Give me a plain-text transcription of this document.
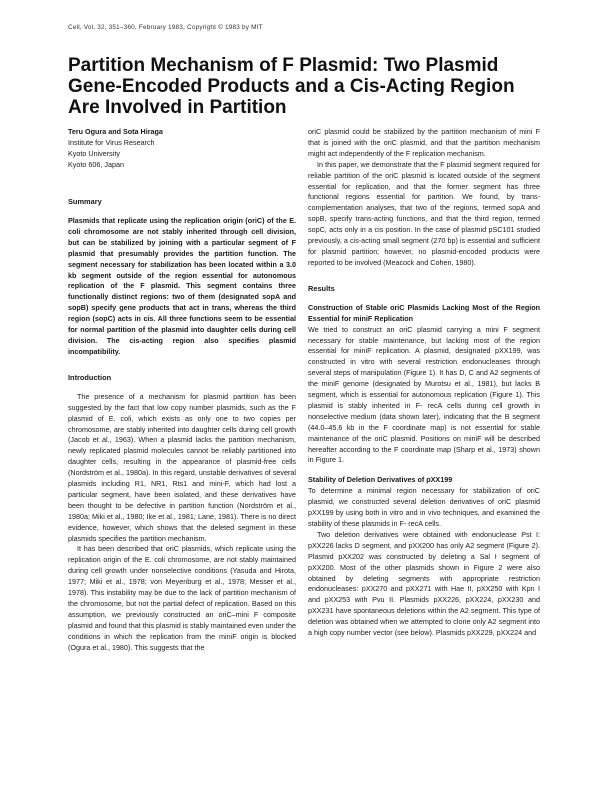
Cell, Vol. 32, 351–360, February 1983, Copyright © 1983 by MIT
Partition Mechanism of F Plasmid: Two Plasmid Gene-Encoded Products and a Cis-Acting Region Are Involved in Partition
Teru Ogura and Sota Hiraga
Institute for Virus Research
Kyoto University
Kyoto 606, Japan
Summary

Plasmids that replicate using the replication origin (oriC) of the E. coli chromosome are not stably inherited through cell division, but can be stabilized by joining with a particular segment of F plasmid that presumably provides the partition function. The segment necessary for stabilization has been located within a 3.0 kb segment outside of the region essential for autonomous replication of the F plasmid. This segment contains three functionally distinct regions: two of them (designated sopA and sopB) specify gene products that act in trans, whereas the third region (sopC) acts in cis. All three functions seem to be essential for normal partition of the plasmid into daughter cells during cell division. The cis-acting region also specifies plasmid incompatibility.

Introduction

The presence of a mechanism for plasmid partition has been suggested by the fact that low copy number plasmids, such as the F plasmid of E. coli, which exists as only one to two copies per chromosome, are stably inherited into daughter cells during cell growth (Jacob et al., 1963). When a plasmid lacks the partition mechanism, newly replicated plasmid molecules cannot be reliably partitioned into daughter cells, resulting in the appearance of plasmid-free cells (Nordström et al., 1980a). In this regard, unstable derivatives of several plasmids including R1, NR1, Rts1 and mini-F, which had lost a particular segment, have been isolated, and these derivatives have been thought to be defective in partition function (Nordström et al., 1980a; Miki et al., 1980; Ike et al., 1981; Lane, 1981). There is no direct evidence, however, which shows that the deleted segment in these plasmids specifies the partition mechanism.

It has been described that oriC plasmids, which replicate using the replication origin of the E. coli chromosome, are not stably maintained during cell growth under nonselective conditions (Yasuda and Hirota, 1977; Miki et al., 1978; von Meyenburg et al., 1978; Messer et al., 1978). This instability may be due to the lack of partition mechanism of the chromosome, but not the partial defect of replication. Based on this assumption, we previously constructed an oriC–mini F composite plasmid and found that this plasmid is stably maintained even under the conditions in which the replication from the miniF origin is blocked (Ogura et al., 1980). This suggests that the

oriC plasmid could be stabilized by the partition mechanism of mini F that is joined with the oriC plasmid, and that the partition mechanism might act independently of the F replication mechanism.

In this paper, we demonstrate that the F plasmid segment required for reliable partition of the oriC plasmid is located outside of the segment essential for replication, and that the former segment has three functional regions essential for partition. We found, by trans-complementation analyses, that two of the regions, termed sopA and sopB, specify trans-acting functions, and that the third region, termed sopC, acts only in a cis position. In the case of plasmid pSC101 studied previously, a cis-acting small segment (270 bp) is essential and sufficient for plasmid partition; however, no plasmid-encoded products were reported to be involved (Meacock and Cohen, 1980).

Results
Construction of Stable oriC Plasmids Lacking Most of the Region Essential for miniF Replication

We tried to construct an oriC plasmid carrying a mini F segment necessary for stable maintenance, but lacking most of the region essential for miniF replication. A plasmid, designated pXX199, was constructed in vitro with several restriction endonucleases through several steps of manipulation (Figure 1). It has D, C and A2 segments of the miniF genome (designated by Murotsu et al., 1981), but lacks B segment, which is essential for autonomous replication (Figure 1). This plasmid is stably inherited in F- recA cells during cell growth in nonselective medium (data shown later), indicating that the B segment (44.0–45.6 kb in the F coordinate map) is not essential for stable maintenance of the oriC plasmid. Positions on miniF will be described hereafter according to the F coordinate map (Sharp et al., 1973) shown in Figure 1.

Stability of Deletion Derivatives of pXX199

To determine a minimal region necessary for stabilization of oriC plasmid, we constructed several deletion derivatives of oriC plasmid pXX199 by using both in vitro and in vivo techniques, and examined the stability of these plasmids in F- recA cells.

Two deletion derivatives were obtained with endonuclease Pst I: pXX226 lacks D segment, and pXX200 has only A2 segment (Figure 2). Plasmid pXX202 was constructed by deleting a Sal I segment of pXX200. Most of the other plasmids shown in Figure 2 were also obtained by deleting segments with appropriate restriction endonucleases: pXX270 and pXX271 with Hae II, pXX250 with Kpn I and pXX253 with Pvu II. Plasmids pXX226, pXX224, pXX230 and pXX231 have spontaneous deletions within the A2 segment. This type of deletion was obtained when we attempted to clone only A2 segment into a high copy number vector (see below). Plasmids pXX229, pXX224 and
